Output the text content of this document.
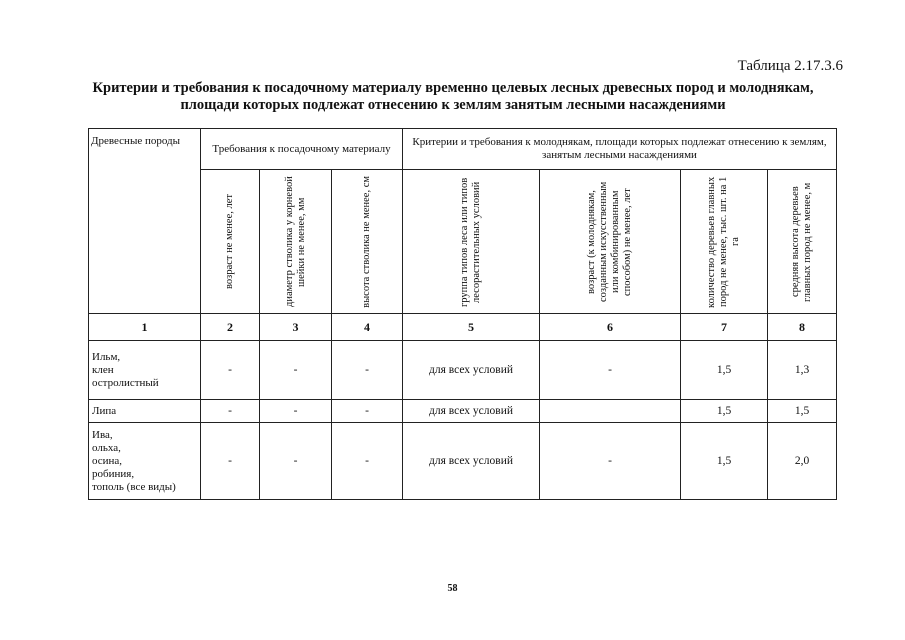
Таблица 2.17.3.6
Критерии и требования к посадочному материалу временно целевых лесных древесных пород и молоднякам,
площади которых подлежат отнесению к землям занятым лесными насаждениями
Древесные породы	Требования к посадочному материалу			Критерии и требования к молоднякам, площади которых подлежат отнесению к землям, занятым лесными насаждениями			

	возраст не менее, лет	диаметр стволика у корневой шейки не менее, мм	высота стволика не менее, см	группа типов леса или типов лесорастительных условий	возраст (к молоднякам, созданным искусственным или комбинированным способом) не менее, лет	количество деревьев главных пород не менее, тыс. шт. на 1 га	средняя высота деревьев главных пород не менее, м

1	2	3	4	5	6	7	8

Ильм,
клен
остролистный	-	-	-	для всех условий	-	1,5	1,3

Липа	-	-	-	для всех условий		1,5	1,5

Ива,
ольха,
осина,
робиния,
тополь (все виды)	-	-	-	для всех условий	-	1,5	2,0
58
